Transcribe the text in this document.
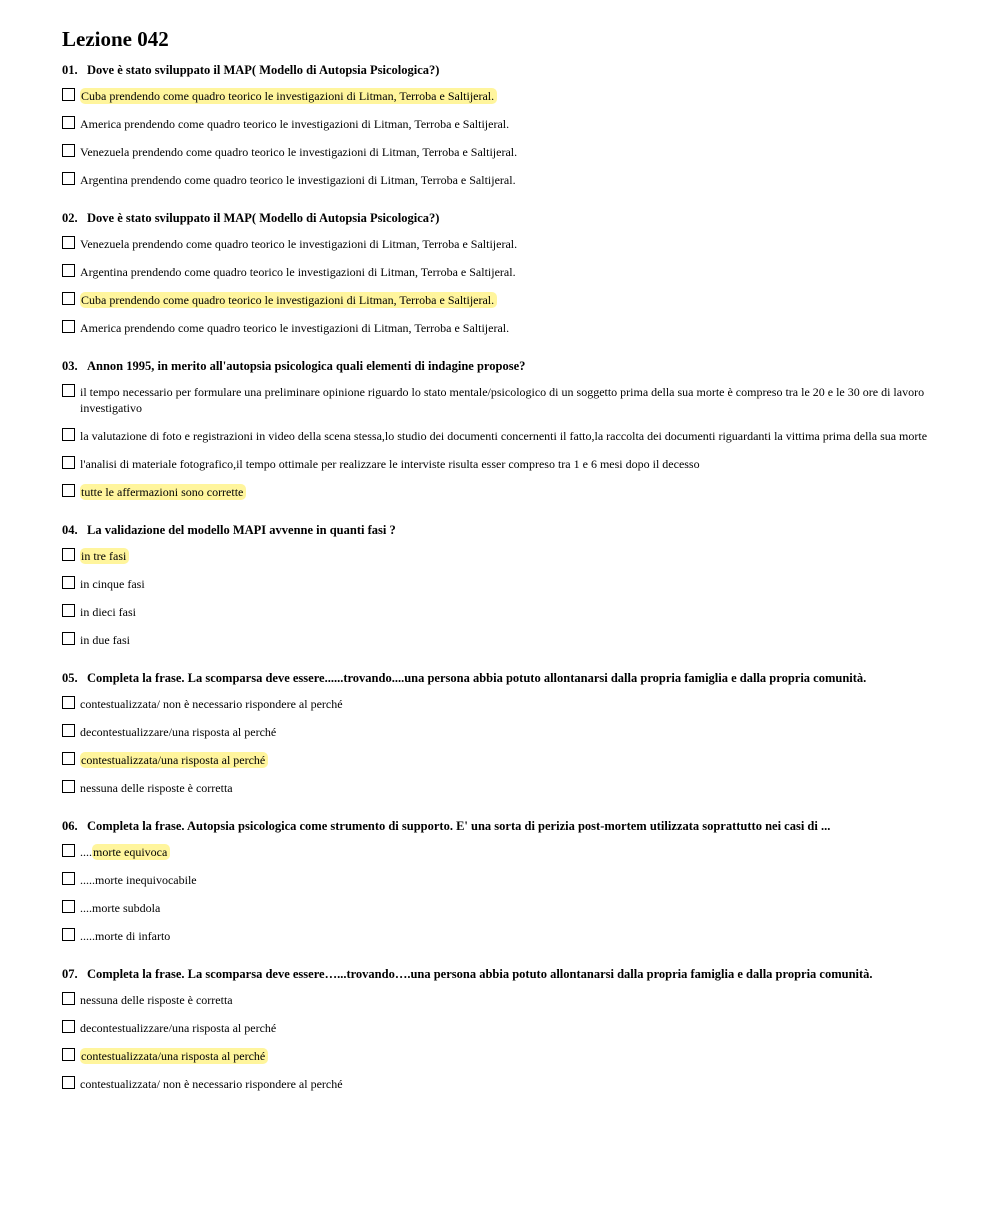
Lezione 042
01. Dove è stato sviluppato il MAP( Modello di Autopsia Psicologica?)
Cuba prendendo come quadro teorico le investigazioni di Litman, Terroba e Saltijeral.
America prendendo come quadro teorico le investigazioni di Litman, Terroba e Saltijeral.
Venezuela prendendo come quadro teorico le investigazioni di Litman, Terroba e Saltijeral.
Argentina prendendo come quadro teorico le investigazioni di Litman, Terroba e Saltijeral.
02. Dove è stato sviluppato il MAP( Modello di Autopsia Psicologica?)
Venezuela prendendo come quadro teorico le investigazioni di Litman, Terroba e Saltijeral.
Argentina prendendo come quadro teorico le investigazioni di Litman, Terroba e Saltijeral.
Cuba prendendo come quadro teorico le investigazioni di Litman, Terroba e Saltijeral.
America prendendo come quadro teorico le investigazioni di Litman, Terroba e Saltijeral.
03. Annon 1995, in merito all'autopsia psicologica quali elementi di indagine propose?
il tempo necessario per formulare una preliminare opinione riguardo lo stato mentale/psicologico di un soggetto prima della sua morte è compreso tra le 20 e le 30 ore di lavoro investigativo
la valutazione di foto e registrazioni in video della scena stessa,lo studio dei documenti concernenti il fatto,la raccolta dei documenti riguardanti la vittima prima della sua morte
l'analisi di materiale fotografico,il tempo ottimale per realizzare le interviste risulta esser compreso tra 1 e 6 mesi dopo il decesso
tutte le affermazioni sono corrette
04. La validazione del modello MAPI avvenne in quanti fasi ?
in tre fasi
in cinque fasi
in dieci fasi
in due fasi
05. Completa la frase. La scomparsa deve essere......trovando....una persona abbia potuto allontanarsi dalla propria famiglia e dalla propria comunità.
contestualizzata/ non è necessario rispondere al perché
decontestualizzare/una risposta al perché
contestualizzata/una risposta al perché
nessuna delle risposte è corretta
06. Completa la frase. Autopsia psicologica come strumento di supporto. E' una sorta di perizia post-mortem utilizzata soprattutto nei casi di ...
....morte equivoca
.....morte inequivocabile
....morte subdola
.....morte di infarto
07. Completa la frase. La scomparsa deve essere…...trovando….una persona abbia potuto allontanarsi dalla propria famiglia e dalla propria comunità.
nessuna delle risposte è corretta
decontestualizzare/una risposta al perché
contestualizzata/una risposta al perché
contestualizzata/ non è necessario rispondere al perché
